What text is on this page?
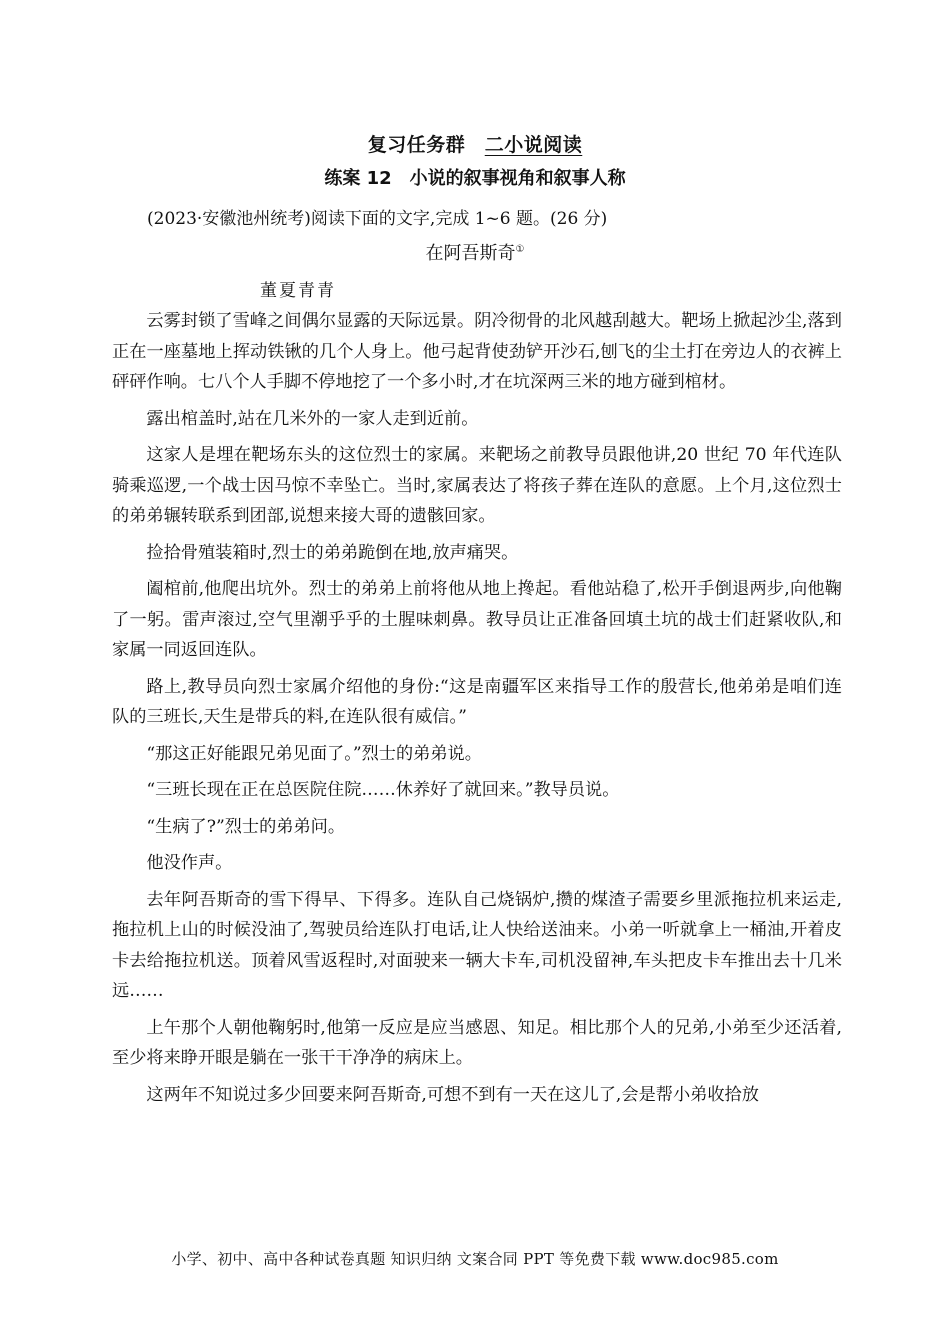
复习任务群　 二小说阅读
练案 12　小说的叙事视角和叙事人称
(2023·安徽池州统考)阅读下面的文字,完成 1~6 题。(26 分)
在阿吾斯奇①
董夏青青

云雾封锁了雪峰之间偶尔显露的天际远景。阴冷彻骨的北风越刮越大。靶场上掀起沙尘,落到正在一座墓地上挥动铁锹的几个人身上。他弓起背使劲铲开沙石,刨飞的尘土打在旁边人的衣裤上砰砰作响。七八个人手脚不停地挖了一个多小时,才在坑深两三米的地方碰到棺材。

露出棺盖时,站在几米外的一家人走到近前。

这家人是埋在靶场东头的这位烈士的家属。来靶场之前教导员跟他讲,20 世纪 70 年代连队骑乘巡逻,一个战士因马惊不幸坠亡。当时,家属表达了将孩子葬在连队的意愿。上个月,这位烈士的弟弟辗转联系到团部,说想来接大哥的遗骸回家。

捡拾骨殖装箱时,烈士的弟弟跪倒在地,放声痛哭。

阖棺前,他爬出坑外。烈士的弟弟上前将他从地上搀起。看他站稳了,松开手倒退两步,向他鞠了一躬。雷声滚过,空气里潮乎乎的土腥味刺鼻。教导员让正准备回填土坑的战士们赶紧收队,和家属一同返回连队。

路上,教导员向烈士家属介绍他的身份:“这是南疆军区来指导工作的殷营长,他弟弟是咱们连队的三班长,天生是带兵的料,在连队很有威信。”

“那这正好能跟兄弟见面了。”烈士的弟弟说。

“三班长现在正在总医院住院……休养好了就回来。”教导员说。

“生病了?”烈士的弟弟问。

他没作声。

去年阿吾斯奇的雪下得早、下得多。连队自己烧锅炉,攒的煤渣子需要乡里派拖拉机来运走,拖拉机上山的时候没油了,驾驶员给连队打电话,让人快给送油来。小弟一听就拿上一桶油,开着皮卡去给拖拉机送。顶着风雪返程时,对面驶来一辆大卡车,司机没留神,车头把皮卡车推出去十几米远……

上午那个人朝他鞠躬时,他第一反应是应当感恩、知足。相比那个人的兄弟,小弟至少还活着,至少将来睁开眼是躺在一张干干净净的病床上。

这两年不知说过多少回要来阿吾斯奇,可想不到有一天在这儿了,会是帮小弟收拾放

小学、初中、高中各种试卷真题 知识归纳 文案合同 PPT 等免费下载 www.doc985.com
